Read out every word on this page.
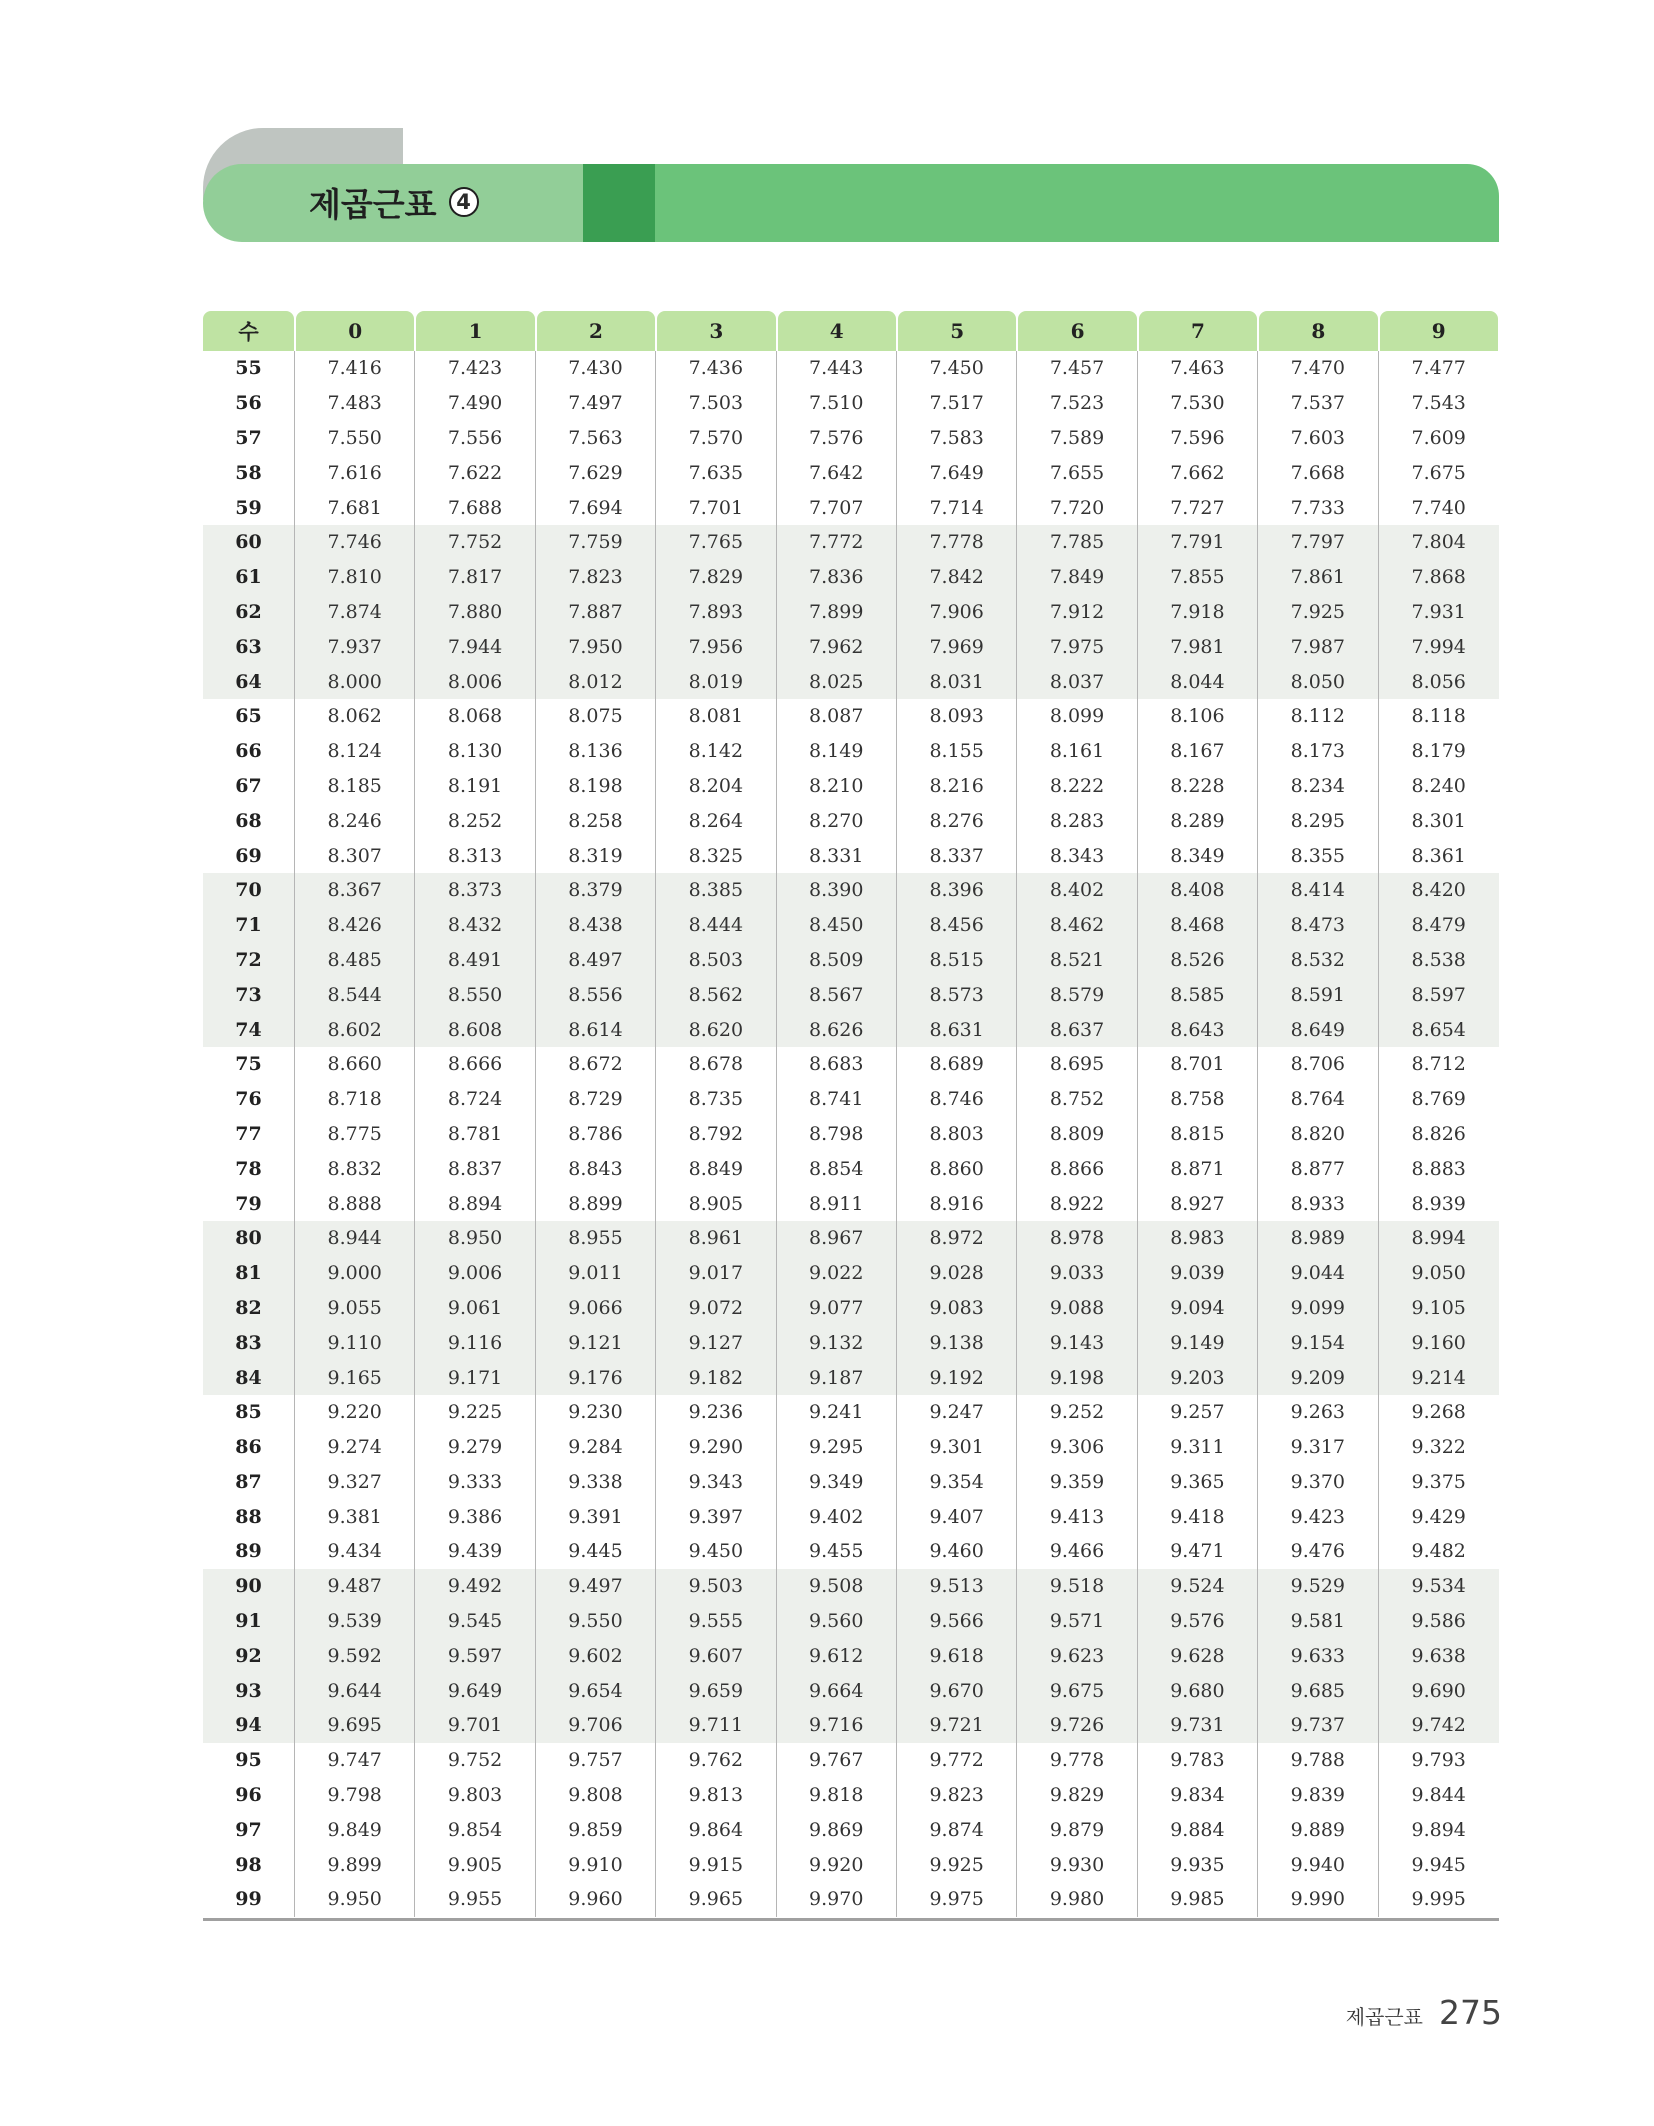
제곱근표 4
수	0	1	2	3	4	5	6	7	8	9
55	7.416	7.423	7.430	7.436	7.443	7.450	7.457	7.463	7.470	7.477
56	7.483	7.490	7.497	7.503	7.510	7.517	7.523	7.530	7.537	7.543
57	7.550	7.556	7.563	7.570	7.576	7.583	7.589	7.596	7.603	7.609
58	7.616	7.622	7.629	7.635	7.642	7.649	7.655	7.662	7.668	7.675
59	7.681	7.688	7.694	7.701	7.707	7.714	7.720	7.727	7.733	7.740
60	7.746	7.752	7.759	7.765	7.772	7.778	7.785	7.791	7.797	7.804
61	7.810	7.817	7.823	7.829	7.836	7.842	7.849	7.855	7.861	7.868
62	7.874	7.880	7.887	7.893	7.899	7.906	7.912	7.918	7.925	7.931
63	7.937	7.944	7.950	7.956	7.962	7.969	7.975	7.981	7.987	7.994
64	8.000	8.006	8.012	8.019	8.025	8.031	8.037	8.044	8.050	8.056
65	8.062	8.068	8.075	8.081	8.087	8.093	8.099	8.106	8.112	8.118
66	8.124	8.130	8.136	8.142	8.149	8.155	8.161	8.167	8.173	8.179
67	8.185	8.191	8.198	8.204	8.210	8.216	8.222	8.228	8.234	8.240
68	8.246	8.252	8.258	8.264	8.270	8.276	8.283	8.289	8.295	8.301
69	8.307	8.313	8.319	8.325	8.331	8.337	8.343	8.349	8.355	8.361
70	8.367	8.373	8.379	8.385	8.390	8.396	8.402	8.408	8.414	8.420
71	8.426	8.432	8.438	8.444	8.450	8.456	8.462	8.468	8.473	8.479
72	8.485	8.491	8.497	8.503	8.509	8.515	8.521	8.526	8.532	8.538
73	8.544	8.550	8.556	8.562	8.567	8.573	8.579	8.585	8.591	8.597
74	8.602	8.608	8.614	8.620	8.626	8.631	8.637	8.643	8.649	8.654
75	8.660	8.666	8.672	8.678	8.683	8.689	8.695	8.701	8.706	8.712
76	8.718	8.724	8.729	8.735	8.741	8.746	8.752	8.758	8.764	8.769
77	8.775	8.781	8.786	8.792	8.798	8.803	8.809	8.815	8.820	8.826
78	8.832	8.837	8.843	8.849	8.854	8.860	8.866	8.871	8.877	8.883
79	8.888	8.894	8.899	8.905	8.911	8.916	8.922	8.927	8.933	8.939
80	8.944	8.950	8.955	8.961	8.967	8.972	8.978	8.983	8.989	8.994
81	9.000	9.006	9.011	9.017	9.022	9.028	9.033	9.039	9.044	9.050
82	9.055	9.061	9.066	9.072	9.077	9.083	9.088	9.094	9.099	9.105
83	9.110	9.116	9.121	9.127	9.132	9.138	9.143	9.149	9.154	9.160
84	9.165	9.171	9.176	9.182	9.187	9.192	9.198	9.203	9.209	9.214
85	9.220	9.225	9.230	9.236	9.241	9.247	9.252	9.257	9.263	9.268
86	9.274	9.279	9.284	9.290	9.295	9.301	9.306	9.311	9.317	9.322
87	9.327	9.333	9.338	9.343	9.349	9.354	9.359	9.365	9.370	9.375
88	9.381	9.386	9.391	9.397	9.402	9.407	9.413	9.418	9.423	9.429
89	9.434	9.439	9.445	9.450	9.455	9.460	9.466	9.471	9.476	9.482
90	9.487	9.492	9.497	9.503	9.508	9.513	9.518	9.524	9.529	9.534
91	9.539	9.545	9.550	9.555	9.560	9.566	9.571	9.576	9.581	9.586
92	9.592	9.597	9.602	9.607	9.612	9.618	9.623	9.628	9.633	9.638
93	9.644	9.649	9.654	9.659	9.664	9.670	9.675	9.680	9.685	9.690
94	9.695	9.701	9.706	9.711	9.716	9.721	9.726	9.731	9.737	9.742
95	9.747	9.752	9.757	9.762	9.767	9.772	9.778	9.783	9.788	9.793
96	9.798	9.803	9.808	9.813	9.818	9.823	9.829	9.834	9.839	9.844
97	9.849	9.854	9.859	9.864	9.869	9.874	9.879	9.884	9.889	9.894
98	9.899	9.905	9.910	9.915	9.920	9.925	9.930	9.935	9.940	9.945
99	9.950	9.955	9.960	9.965	9.970	9.975	9.980	9.985	9.990	9.995
제곱근표 275
